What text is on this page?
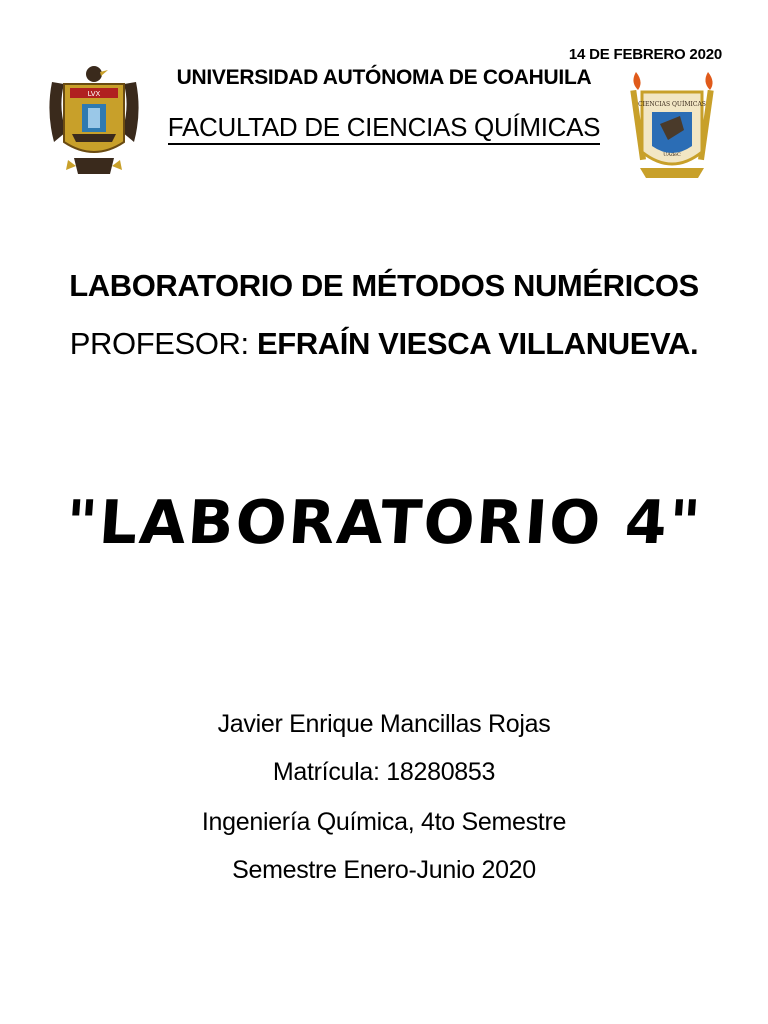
14 DE FEBRERO 2020
LVX
UNIVERSIDAD AUTÓNOMA DE COAHUILA
FACULTAD DE CIENCIAS QUÍMICAS
CIENCIAS QUÍMICAS
UAdeC
LABORATORIO DE MÉTODOS NUMÉRICOS
PROFESOR: EFRAÍN VIESCA VILLANUEVA.
"LABORATORIO 4"
Javier Enrique Mancillas Rojas
Matrícula: 18280853
Ingeniería Química, 4to Semestre
Semestre Enero-Junio 2020
